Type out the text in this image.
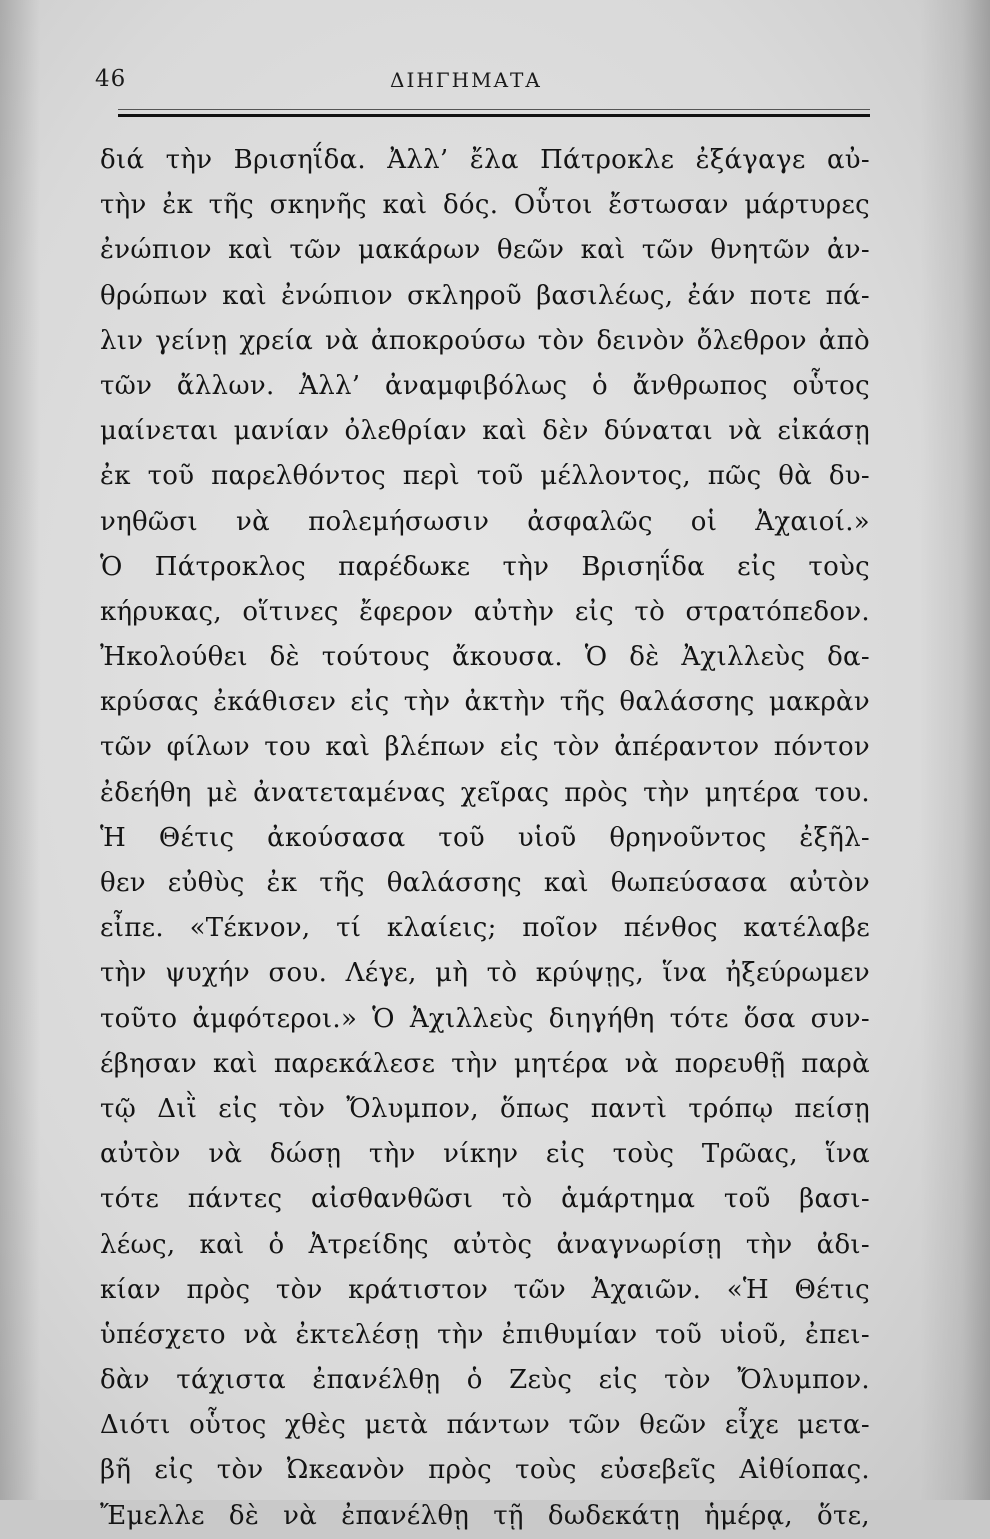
46	ΔΙΗΓΗΜΑΤΑ
διά τὴν Βρισηΐδα. Ἀλλ’ ἔλα Πάτροκλε ἐξάγαγε αὐ-
τὴν ἐκ τῆς σκηνῆς καὶ δός. Οὗτοι ἔστωσαν μάρτυρες
ἐνώπιον καὶ τῶν μακάρων θεῶν καὶ τῶν θνητῶν ἀν-
θρώπων καὶ ἐνώπιον σκληροῦ βασιλέως, ἐάν ποτε πά-
λιν γείνῃ χρεία νὰ ἀποκρούσω τὸν δεινὸν ὄλεθρον ἀπὸ
τῶν ἄλλων. Ἀλλ’ ἀναμφιβόλως ὁ ἄνθρωπος οὗτος
μαίνεται μανίαν ὀλεθρίαν καὶ δὲν δύναται νὰ εἰκάσῃ
ἐκ τοῦ παρελθόντος περὶ τοῦ μέλλοντος, πῶς θὰ δυ-
νηθῶσι νὰ πολεμήσωσιν ἀσφαλῶς οἱ Ἀχαιοί.»
Ὁ Πάτροκλος παρέδωκε τὴν Βρισηΐδα εἰς τοὺς
κήρυκας, οἵτινες ἔφερον αὐτὴν εἰς τὸ στρατόπεδον.
Ἠκολούθει δὲ τούτους ἄκουσα. Ὁ δὲ Ἀχιλλεὺς δα-
κρύσας ἐκάθισεν εἰς τὴν ἀκτὴν τῆς θαλάσσης μακρὰν
τῶν φίλων του καὶ βλέπων εἰς τὸν ἀπέραντον πόντον
ἐδεήθη μὲ ἀνατεταμένας χεῖρας πρὸς τὴν μητέρα του.
Ἡ Θέτις ἀκούσασα τοῦ υἱοῦ θρηνοῦντος ἐξῆλ-
θεν εὐθὺς ἐκ τῆς θαλάσσης καὶ θωπεύσασα αὐτὸν
εἶπε. «Τέκνον, τί κλαίεις; ποῖον πένθος κατέλαβε
τὴν ψυχήν σου. Λέγε, μὴ τὸ κρύψῃς, ἵνα ἠξεύρωμεν
τοῦτο ἀμφότεροι.» Ὁ Ἀχιλλεὺς διηγήθη τότε ὅσα συν-
έβησαν καὶ παρεκάλεσε τὴν μητέρα νὰ πορευθῇ παρὰ
τῷ Διῒ εἰς τὸν Ὄλυμπον, ὅπως παντὶ τρόπῳ πείσῃ
αὐτὸν νὰ δώσῃ τὴν νίκην εἰς τοὺς Τρῶας, ἵνα
τότε πάντες αἰσθανθῶσι τὸ ἁμάρτημα τοῦ βασι-
λέως, καὶ ὁ Ἀτρείδης αὐτὸς ἀναγνωρίσῃ τὴν ἀδι-
κίαν πρὸς τὸν κράτιστον τῶν Ἀχαιῶν. «Ἡ Θέτις
ὑπέσχετο νὰ ἐκτελέσῃ τὴν ἐπιθυμίαν τοῦ υἱοῦ, ἐπει-
δὰν τάχιστα ἐπανέλθῃ ὁ Ζεὺς εἰς τὸν Ὄλυμπον.
Διότι οὗτος χθὲς μετὰ πάντων τῶν θεῶν εἶχε μετα-
βῆ εἰς τὸν Ὠκεανὸν πρὸς τοὺς εὐσεβεῖς Αἰθίοπας.
Ἔμελλε δὲ νὰ ἐπανέλθῃ τῇ δωδεκάτῃ ἡμέρᾳ, ὅτε,
